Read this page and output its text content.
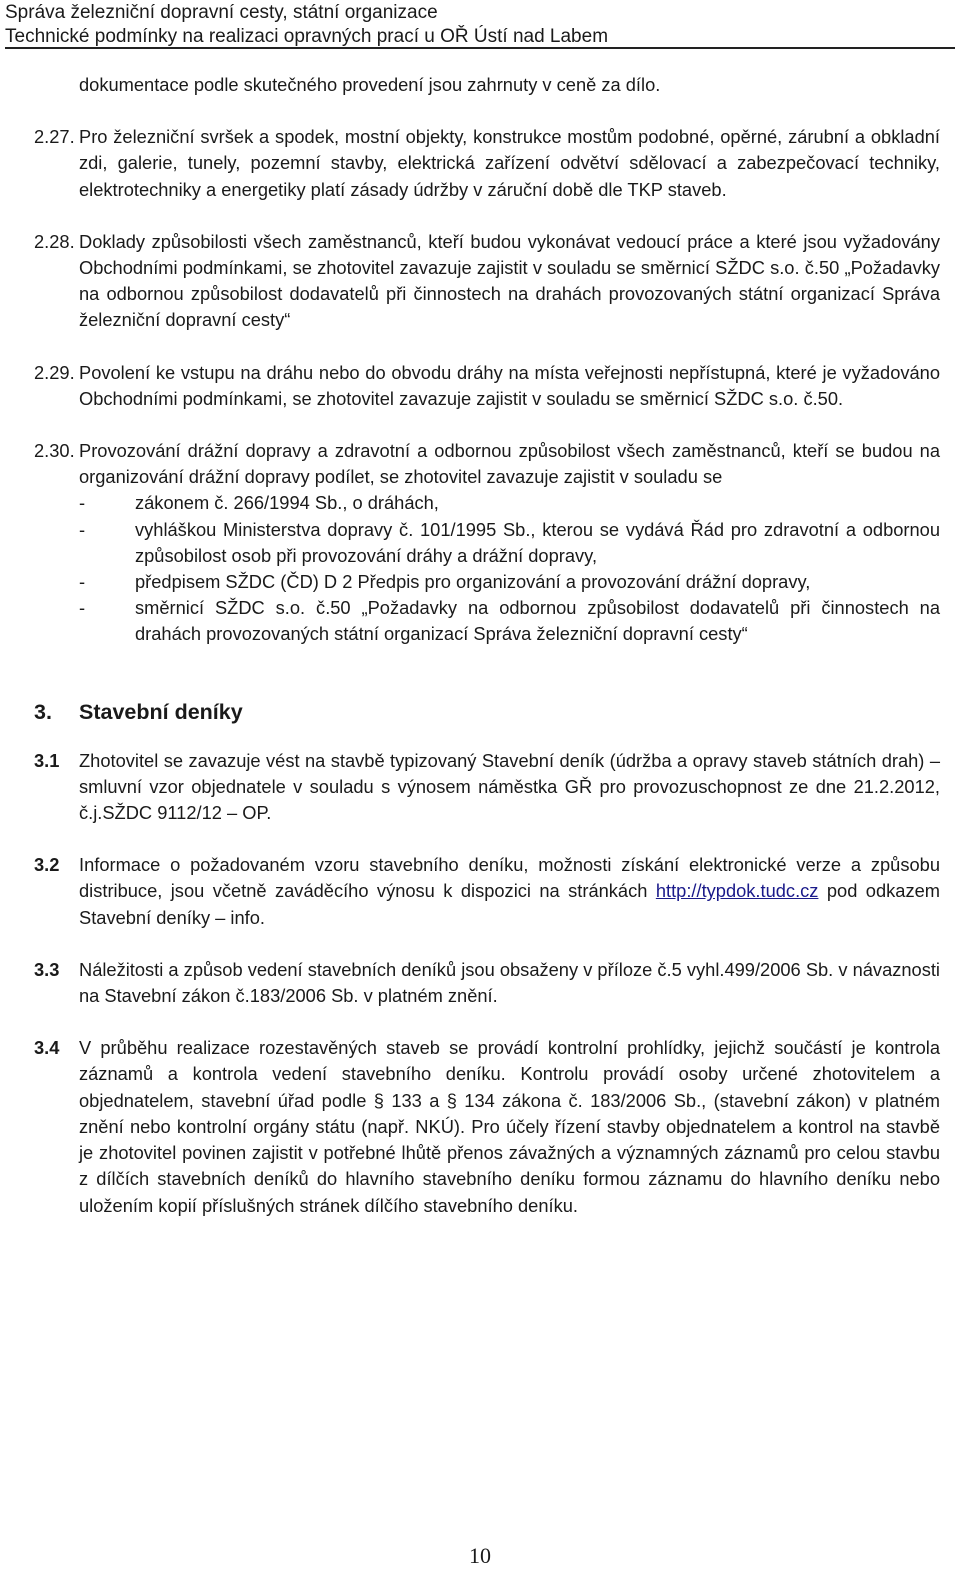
Správa železniční dopravní cesty, státní organizace
Technické podmínky na realizaci opravných prací u OŘ Ústí nad Labem
dokumentace podle skutečného provedení jsou zahrnuty v ceně za dílo.
2.27. Pro železniční svršek a spodek, mostní objekty, konstrukce mostům podobné, opěrné, zárubní a obkladní zdi, galerie, tunely, pozemní stavby, elektrická zařízení odvětví sdělovací a zabezpečovací techniky, elektrotechniky a energetiky platí zásady údržby v záruční době dle TKP staveb.
2.28. Doklady způsobilosti všech zaměstnanců, kteří budou vykonávat vedoucí práce a které jsou vyžadovány Obchodními podmínkami, se zhotovitel zavazuje zajistit v souladu se směrnicí SŽDC s.o. č.50 „Požadavky na odbornou způsobilost dodavatelů při činnostech na drahách provozovaných státní organizací Správa železniční dopravní cesty“
2.29. Povolení ke vstupu na dráhu nebo do obvodu dráhy na místa veřejnosti nepřístupná, které je vyžadováno Obchodními podmínkami, se zhotovitel zavazuje zajistit v souladu se směrnicí SŽDC s.o. č.50.
2.30. Provozování drážní dopravy a zdravotní a odbornou způsobilost všech zaměstnanců, kteří se budou na organizování drážní dopravy podílet, se zhotovitel zavazuje zajistit v souladu se
-	zákonem č. 266/1994 Sb., o dráhách,
-	vyhláškou Ministerstva dopravy č. 101/1995 Sb., kterou se vydává Řád pro zdravotní a odbornou způsobilost osob při provozování dráhy a drážní dopravy,
-	předpisem SŽDC (ČD) D 2 Předpis pro organizování a provozování drážní dopravy,
-	směrnicí SŽDC s.o. č.50 „Požadavky na odbornou způsobilost dodavatelů při činnostech na drahách provozovaných státní organizací Správa železniční dopravní cesty“
3.	Stavební deníky
3.1	Zhotovitel se zavazuje vést na stavbě typizovaný Stavební deník (údržba a opravy staveb státních drah) – smluvní vzor objednatele v souladu s výnosem náměstka GŘ pro provozuschopnost ze dne 21.2.2012, č.j.SŽDC 9112/12 – OP.
3.2	Informace o požadovaném vzoru stavebního deníku, možnosti získání elektronické verze a způsobu distribuce, jsou včetně zaváděcího výnosu k dispozici na stránkách http://typdok.tudc.cz pod odkazem Stavební deníky – info.
3.3	Náležitosti a způsob vedení stavebních deníků jsou obsaženy v příloze č.5 vyhl.499/2006 Sb. v návaznosti na Stavební zákon č.183/2006 Sb. v platném znění.
3.4	V průběhu realizace rozestavěných staveb se provádí kontrolní prohlídky, jejichž součástí je kontrola záznamů a kontrola vedení stavebního deníku. Kontrolu provádí osoby určené zhotovitelem a objednatelem, stavební úřad podle § 133 a § 134 zákona č. 183/2006 Sb., (stavební zákon) v platném znění nebo kontrolní orgány státu (např. NKÚ). Pro účely řízení stavby objednatelem a kontrol na stavbě je zhotovitel povinen zajistit v potřebné lhůtě přenos závažných a významných záznamů pro celou stavbu z dílčích stavebních deníků do hlavního stavebního deníku formou záznamu do hlavního deníku nebo uložením kopií příslušných stránek dílčího stavebního deníku.
10
